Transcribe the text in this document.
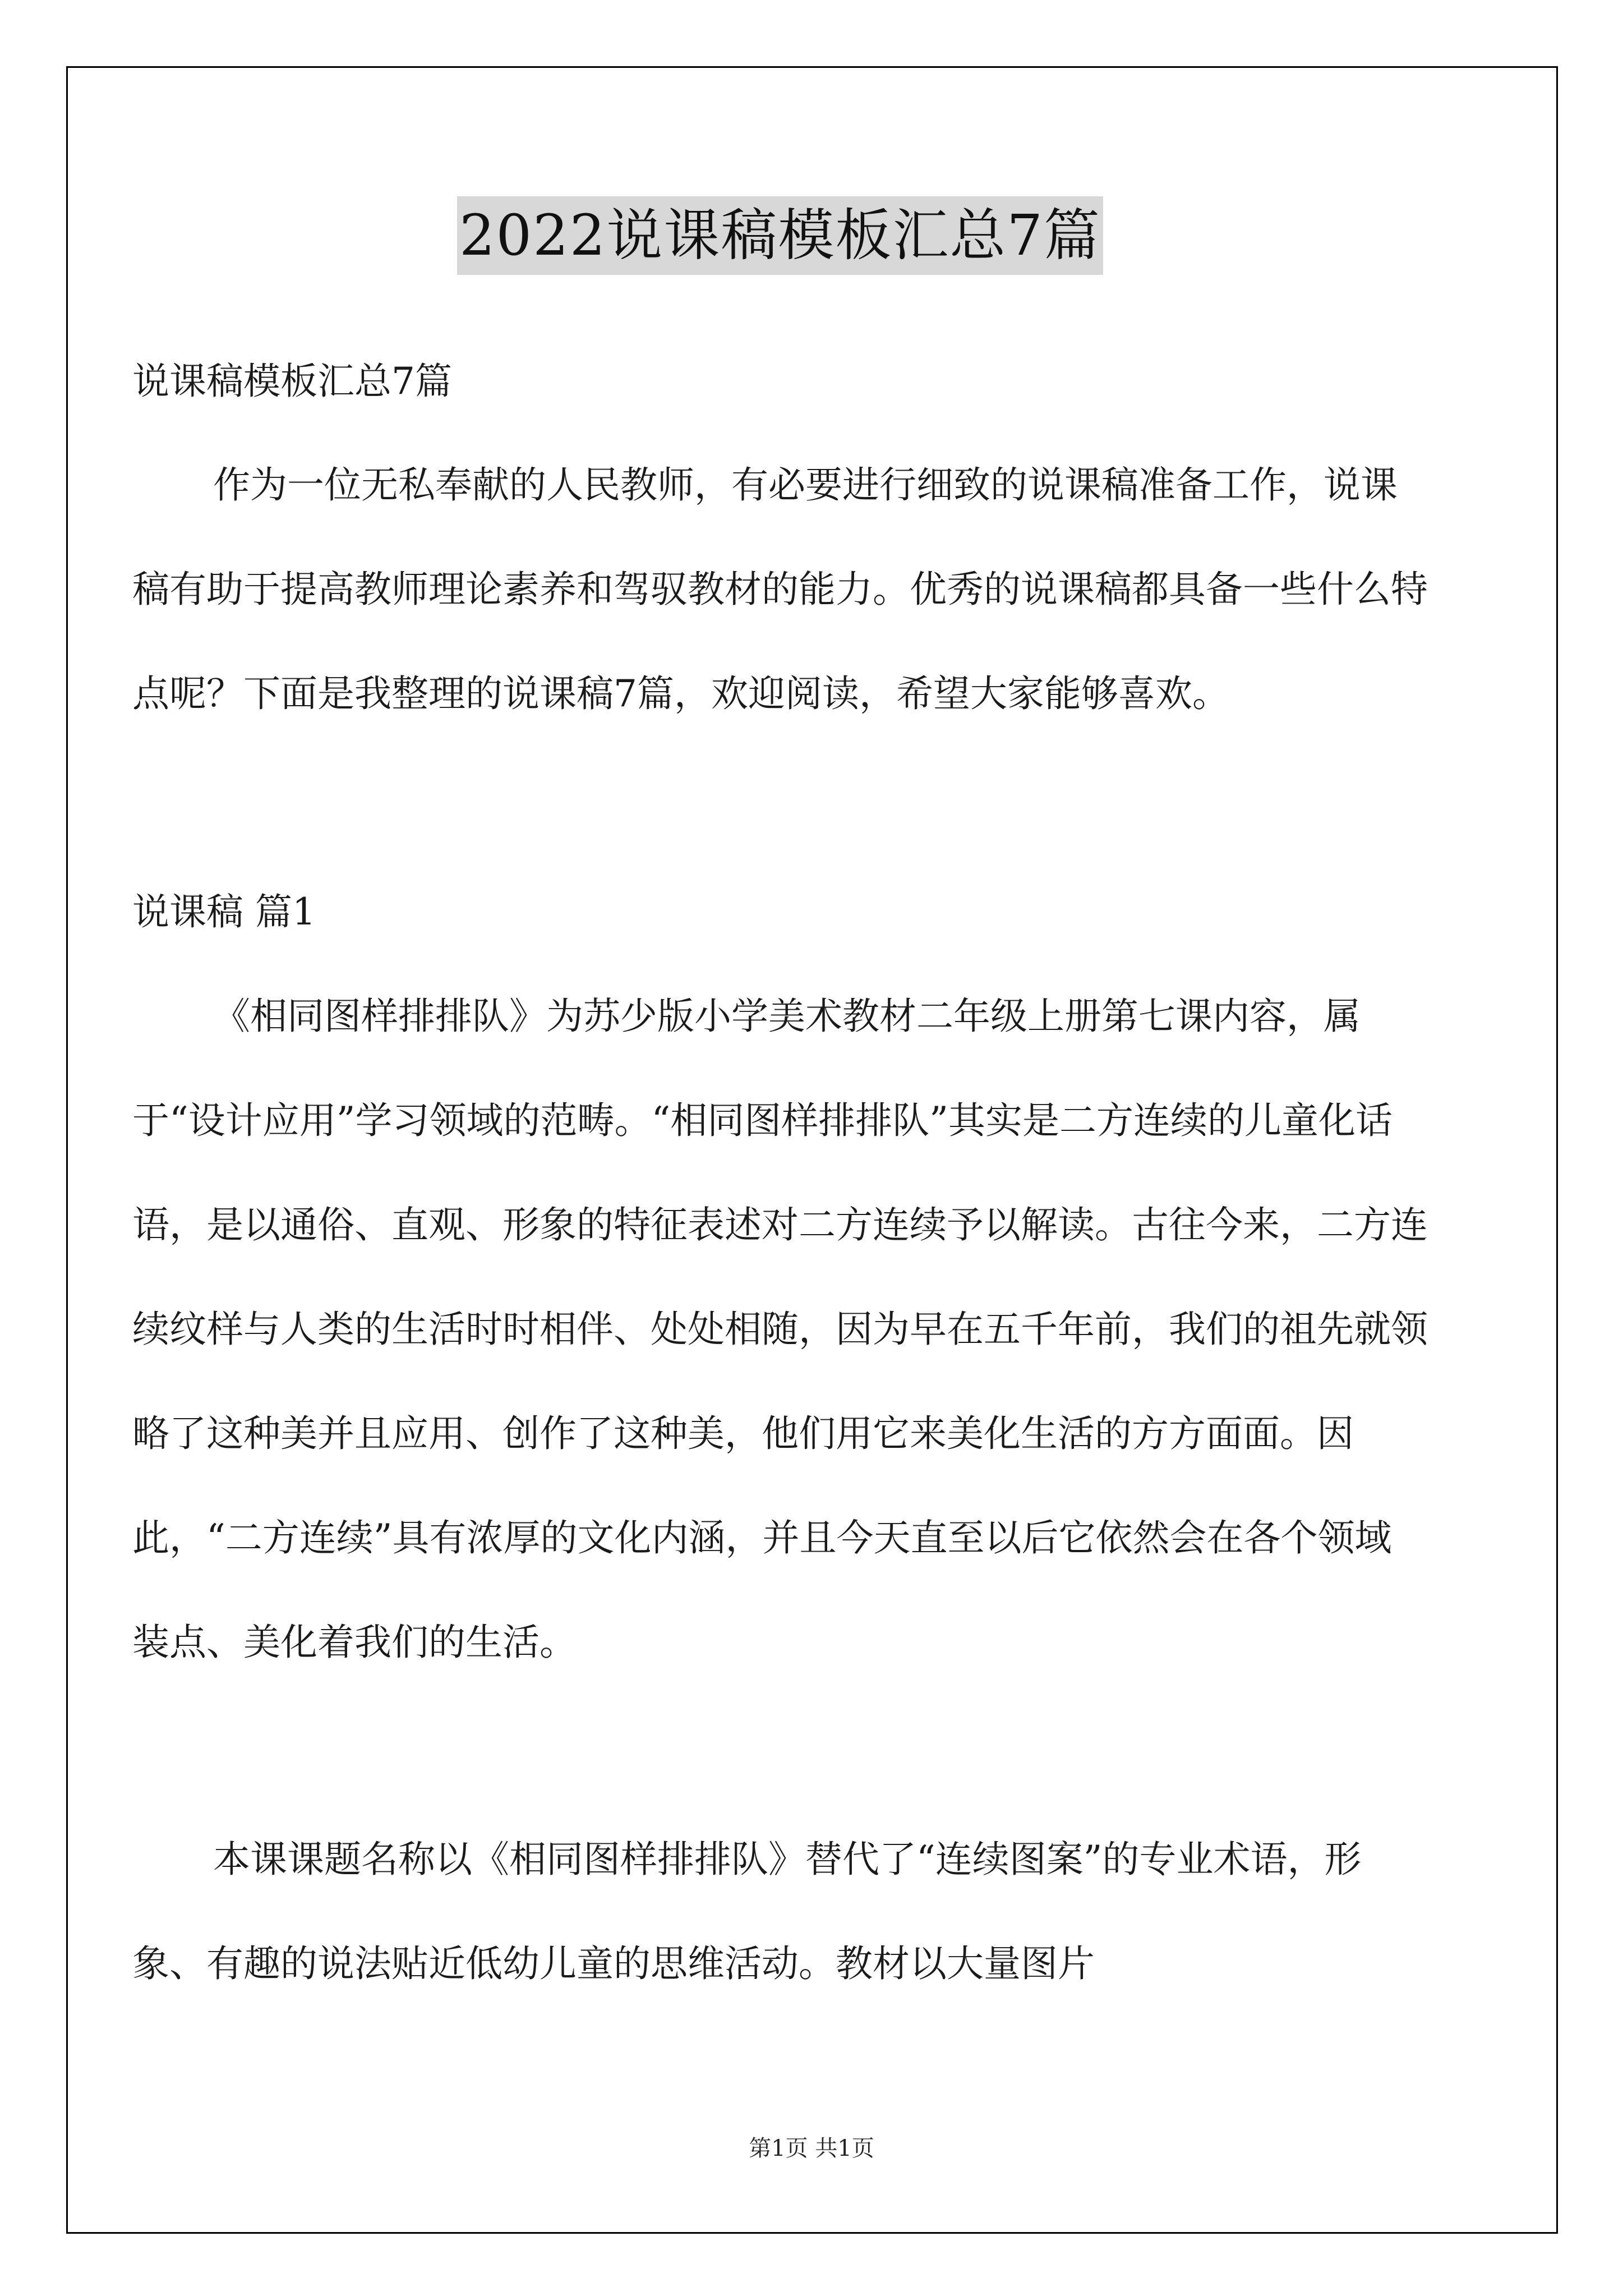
2022说课稿模板汇总7篇

说课稿模板汇总7篇

作为一位无私奉献的人民教师，有必要进行细致的说课稿准备工作，说课稿有助于提高教师理论素养和驾驭教材的能力。优秀的说课稿都具备一些什么特点呢？下面是我整理的说课稿7篇，欢迎阅读，希望大家能够喜欢。

说课稿 篇1

《相同图样排排队》为苏少版小学美术教材二年级上册第七课内容，属于“设计应用”学习领域的范畴。“相同图样排排队”其实是二方连续的儿童化话语，是以通俗、直观、形象的特征表述对二方连续予以解读。古往今来，二方连续纹样与人类的生活时时相伴、处处相随，因为早在五千年前，我们的祖先就领略了这种美并且应用、创作了这种美，他们用它来美化生活的方方面面。因此，“二方连续”具有浓厚的文化内涵，并且今天直至以后它依然会在各个领域装点、美化着我们的生活。

本课课题名称以《相同图样排排队》替代了“连续图案”的专业术语，形象、有趣的说法贴近低幼儿童的思维活动。教材以大量图片

第1页 共1页
